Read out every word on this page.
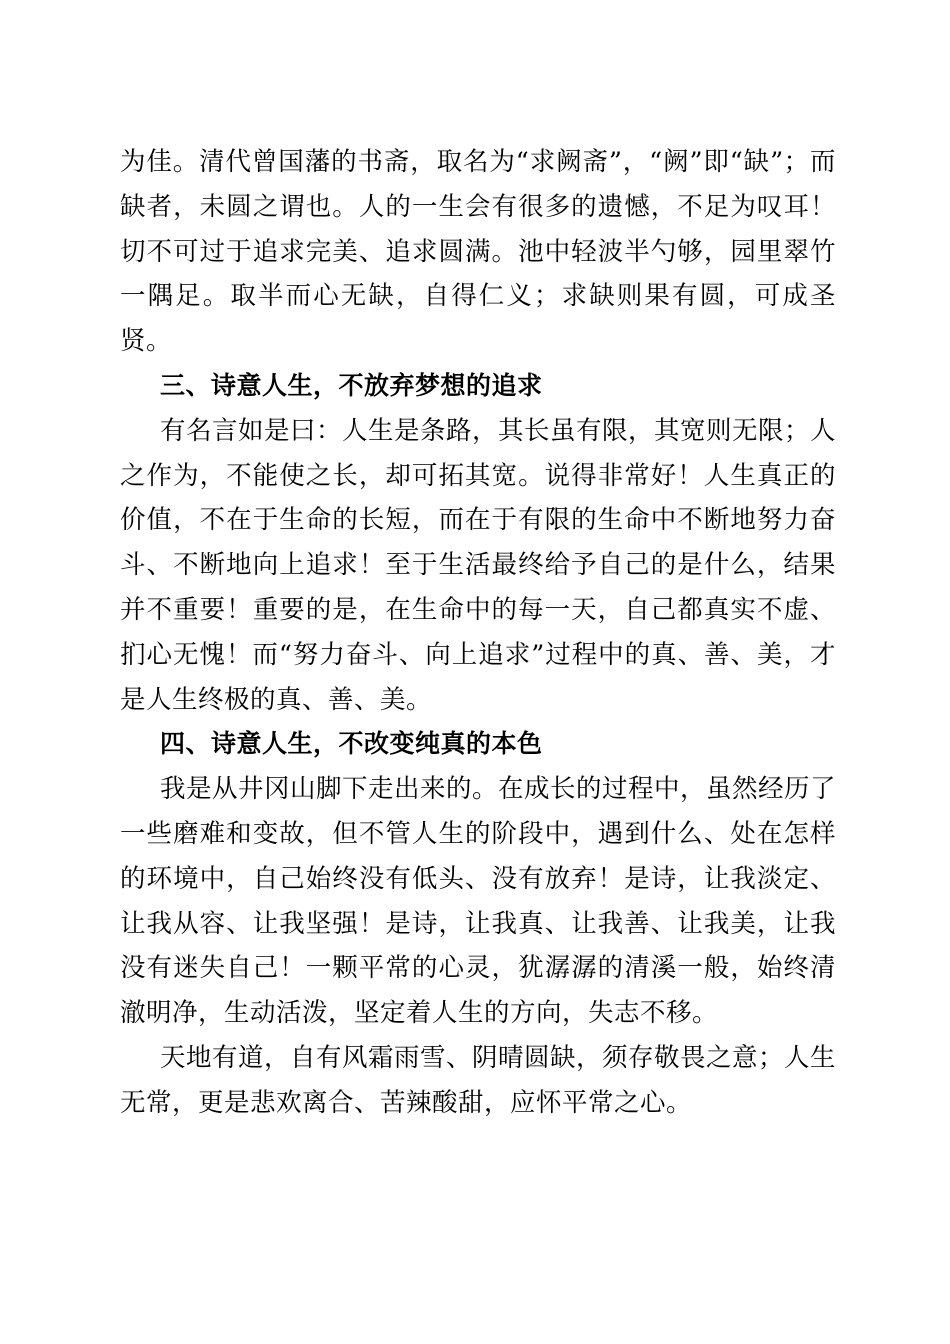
为佳。清代曾国藩的书斋，取名为“求阙斋”，“阙”即“缺”；而缺者，未圆之谓也。人的一生会有很多的遗憾，不足为叹耳！切不可过于追求完美、追求圆满。池中轻波半勺够，园里翠竹一隅足。取半而心无缺，自得仁义；求缺则果有圆，可成圣贤。

三、诗意人生，不放弃梦想的追求

有名言如是曰：人生是条路，其长虽有限，其宽则无限；人之作为，不能使之长，却可拓其宽。说得非常好！人生真正的价值，不在于生命的长短，而在于有限的生命中不断地努力奋斗、不断地向上追求！至于生活最终给予自己的是什么，结果并不重要！重要的是，在生命中的每一天，自己都真实不虚、扪心无愧！而“努力奋斗、向上追求”过程中的真、善、美，才是人生终极的真、善、美。

四、诗意人生，不改变纯真的本色

我是从井冈山脚下走出来的。在成长的过程中，虽然经历了一些磨难和变故，但不管人生的阶段中，遇到什么、处在怎样的环境中，自己始终没有低头、没有放弃！是诗，让我淡定、让我从容、让我坚强！是诗，让我真、让我善、让我美，让我没有迷失自己！一颗平常的心灵，犹潺潺的清溪一般，始终清澈明净，生动活泼，坚定着人生的方向，失志不移。

天地有道，自有风霜雨雪、阴晴圆缺，须存敬畏之意；人生无常，更是悲欢离合、苦辣酸甜，应怀平常之心。
